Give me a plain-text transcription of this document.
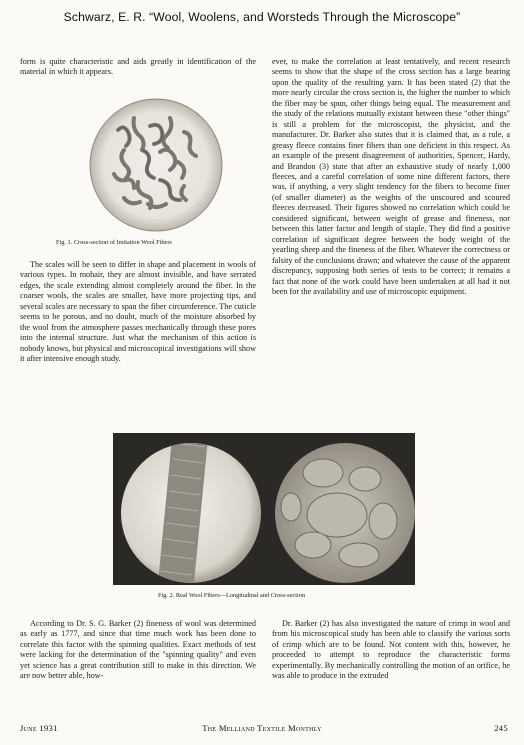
Schwarz, E. R. “Wool, Woolens, and Worsteds Through the Microscope”
Fig. 1. Cross-section of Imitation Wool Fibers

form is quite characteristic and aids greatly in identification of the material in which it appears.

The scales will be seen to differ in shape and placement in wools of various types. In mohair, they are almost invisible, and have serrated edges, the scale extending almost completely around the fiber. In the coarser wools, the scales are smaller, have more projecting tips, and several scales are necessary to span the fiber circumference. The cuticle seems to be porous, and no doubt, much of the moisture absorbed by the wool from the atmosphere passes mechanically through these pores into the internal structure. Just what the mechanism of this action is nobody knows, but physical and microscopical investigations will show it after intensive enough study.

ever, to make the correlation at least tentatively, and recent research seems to show that the shape of the cross section has a large bearing upon the quality of the resulting yarn. It has been stated (2) that the more nearly circular the cross section is, the higher the number to which the fiber may be spun, other things being equal. The measurement and the study of the relations mutually existant between these "other things" is still a problem for the microscopist, the physicist, and the manufacturer. Dr. Barker also states that it is claimed that, as a rule, a greasy fleece contains finer fibers than one deficient in this respect. As an example of the present disagreement of authorities, Spencer, Hardy, and Brandon (3) state that after an exhaustive study of nearly 1,000 fleeces, and a careful correlation of some nine different factors, there was, if anything, a very slight tendency for the fibers to become finer (of smaller diameter) as the weights of the unscoured and scoured fleeces decreased. Their figures showed no correlation which could be considered significant, between weight of grease and fineness, nor between this latter factor and length of staple. They did find a positive correlation of significant degree between the body weight of the yearling sheep and the fineness of the fiber. Whatever the correctness or falsity of the conclusions drawn; and whatever the cause of the apparent discrepancy, supposing both series of tests to be correct; it remains a fact that none of the work could have been undertaken at all had it not been for the availability and use of microscopic equipment.

Fig. 2. Real Wool Fibers—Longitudinal and Cross-section

According to Dr. S. G. Barker (2) fineness of wool was determined as early as 1777, and since that time much work has been done to correlate this factor with the spinning qualities. Exact methods of test were lacking for the determination of the "spinning quality" and even yet science has a great contribution still to make in this direction. We are now better able, how-

Dr. Barker (2) has also investigated the nature of crimp in wool and from his microscopical study has been able to classify the various sorts of crimp which are to be found. Not content with this, however, he proceeded to attempt to reproduce the characteristic forms experimentally. By mechanically controlling the motion of an orifice, he was able to produce in the extruded

June 1931	The Melliand Textile Monthly	245
